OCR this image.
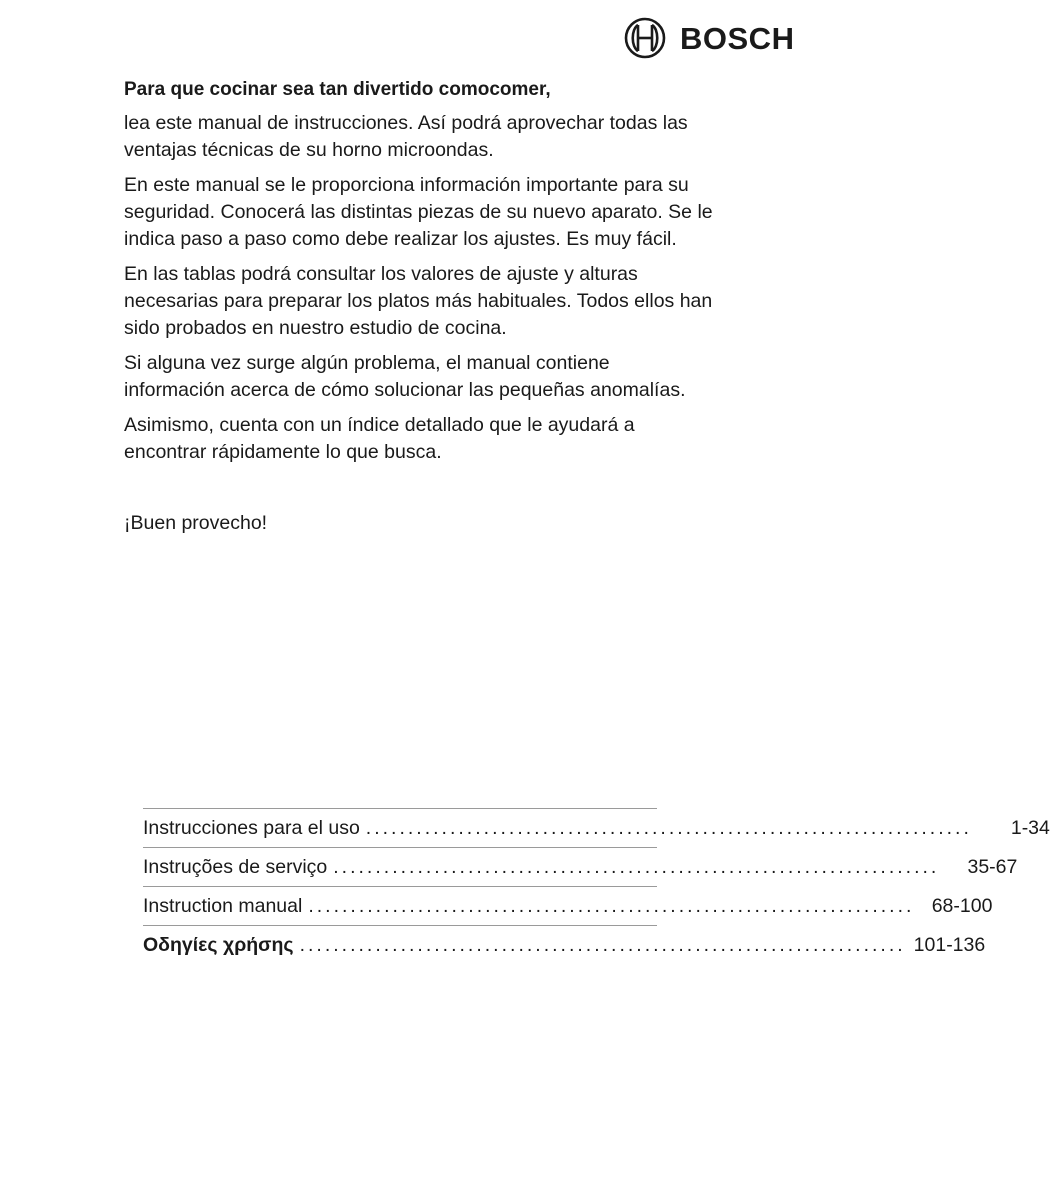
BOSCH

Para que cocinar sea tan divertido comocomer,

lea este manual de instrucciones. Así podrá aprovechar todas las ventajas técnicas de su horno microondas.

En este manual se le proporciona información importante para su seguridad. Conocerá las distintas piezas de su nuevo aparato. Se le indica paso a paso como debe realizar los ajustes. Es muy fácil.

En las tablas podrá consultar los valores de ajuste y alturas necesarias para preparar los platos más habituales. Todos ellos han sido probados en nuestro estudio de cocina.

Si alguna vez surge algún problema, el manual contiene información acerca de cómo solucionar las pequeñas anomalías.

Asimismo, cuenta con un índice detallado que le ayudará a encontrar rápidamente lo que busca.

¡Buen provecho!

Instrucciones para el uso ........................................................................	1-34
Instruções de serviço ........................................................................	35-67
Instruction manual ........................................................................ 68-100
Οδηγίες χρήσης ........................................................................ 101-136
